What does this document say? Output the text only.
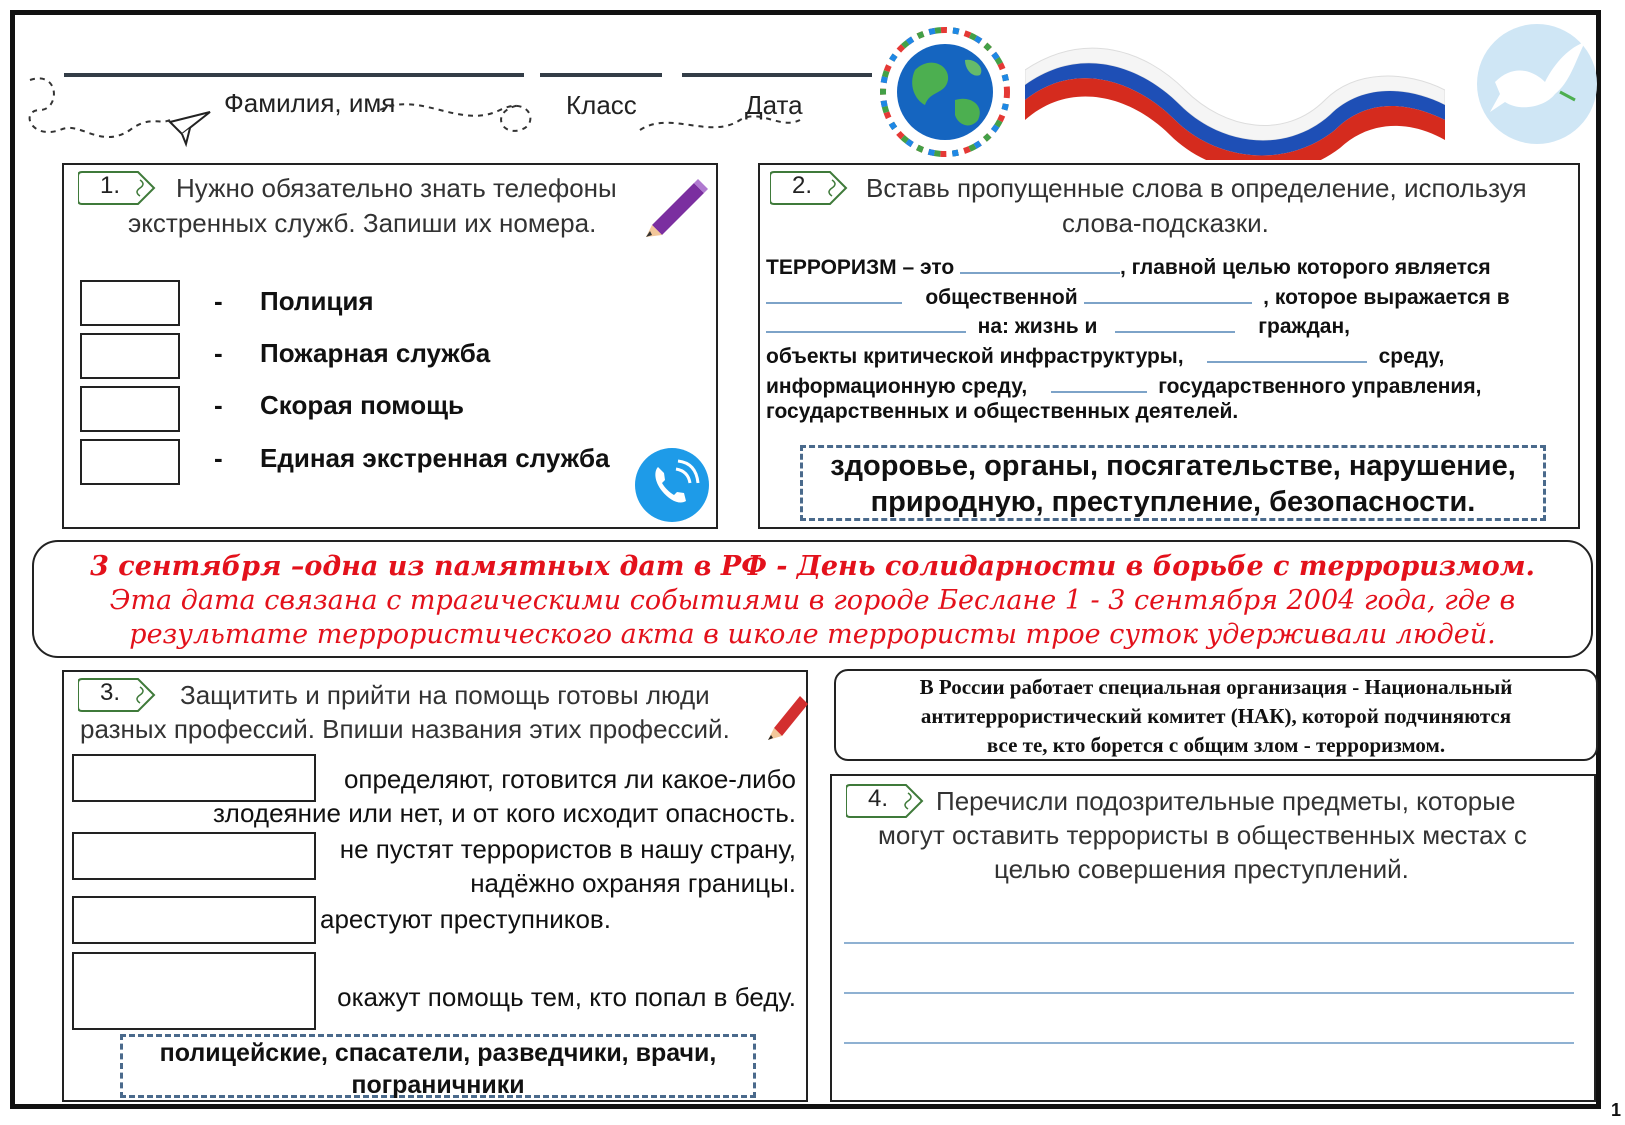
1
Фамилия, имя	Класс	Дата
1. Нужно обязательно знать телефоны
экстренных служб. Запиши их номера.
- Полиция
- Пожарная служба
- Скорая помощь
- Единая экстренная служба
2. Вставь пропущенные слова в определение, используя
слова-подсказки.
ТЕРРОРИЗМ – это	, главной целью которого является
общественной	, которое выражается в
на: жизнь и	граждан,
объекты критической инфраструктуры,	среду,
информационную среду,	государственного управления,
государственных и общественных деятелей.
здоровье, органы, посягательстве, нарушение,
природную, преступление, безопасности.
3 сентября –одна из памятных дат в РФ - День солидарности в борьбе с терроризмом. Эта дата связана с трагическими событиями в городе Беслане 1 - 3 сентября 2004 года, где в результате террористического акта в школе террористы трое суток удерживали людей.
3. Защитить и прийти на помощь готовы люди
разных профессий. Впиши названия этих профессий.
определяют, готовится ли какое-либо
злодеяние или нет, и от кого исходит опасность.
не пустят террористов в нашу страну,
надёжно охраняя границы.
арестуют преступников.
окажут помощь тем, кто попал в беду.
полицейские, спасатели, разведчики, врачи,
пограничники
В России работает специальная организация - Национальный
антитеррористический комитет (НАК), которой подчиняются
все те, кто борется с общим злом - терроризмом.
4. Перечисли подозрительные предметы, которые
могут оставить террористы в общественных местах с
целью совершения преступлений.
